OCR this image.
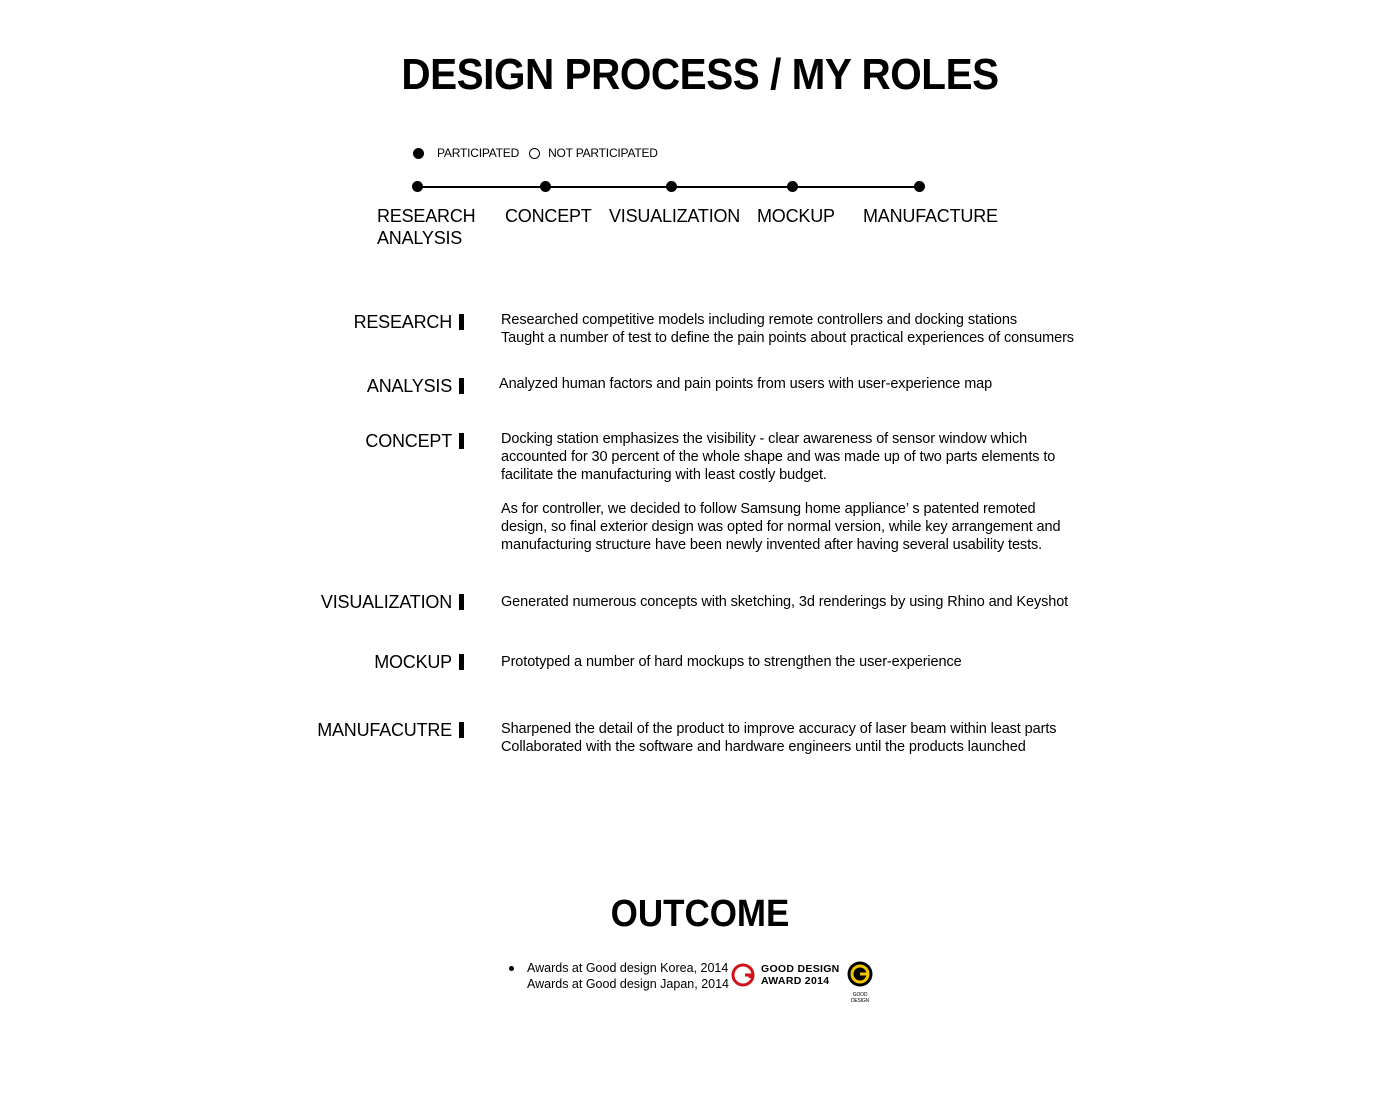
DESIGN PROCESS / MY ROLES
PARTICIPATED NOT PARTICIPATED
RESEARCH
ANALYSIS
CONCEPT VISUALIZATION MOCKUP MANUFACTURE
RESEARCH	Researched competitive models including remote controllers and docking stations

Taught a number of test to define the pain points about practical experiences of consumers

ANALYSIS	Analyzed human factors and pain points from users with user-experience map

CONCEPT	Docking station emphasizes the visibility - clear awareness of sensor window which

accounted for 30 percent of the whole shape and was made up of two parts elements to

facilitate the manufacturing with least costly budget.

As for controller, we decided to follow Samsung home appliance’ s patented remoted

design, so final exterior design was opted for normal version, while key arrangement and

manufacturing structure have been newly invented after having several usability tests.

VISUALIZATION	Generated numerous concepts with sketching, 3d renderings by using Rhino and Keyshot

MOCKUP	Prototyped a number of hard mockups to strengthen the user-experience

MANUFACUTRE	Sharpened the detail of the product to improve accuracy of laser beam within least parts

Collaborated with the software and hardware engineers until the products launched

OUTCOME
Awards at Good design Korea, 2014
Awards at Good design Japan, 2014
GOOD DESIGN
AWARD 2014
GOOD DESIGN
